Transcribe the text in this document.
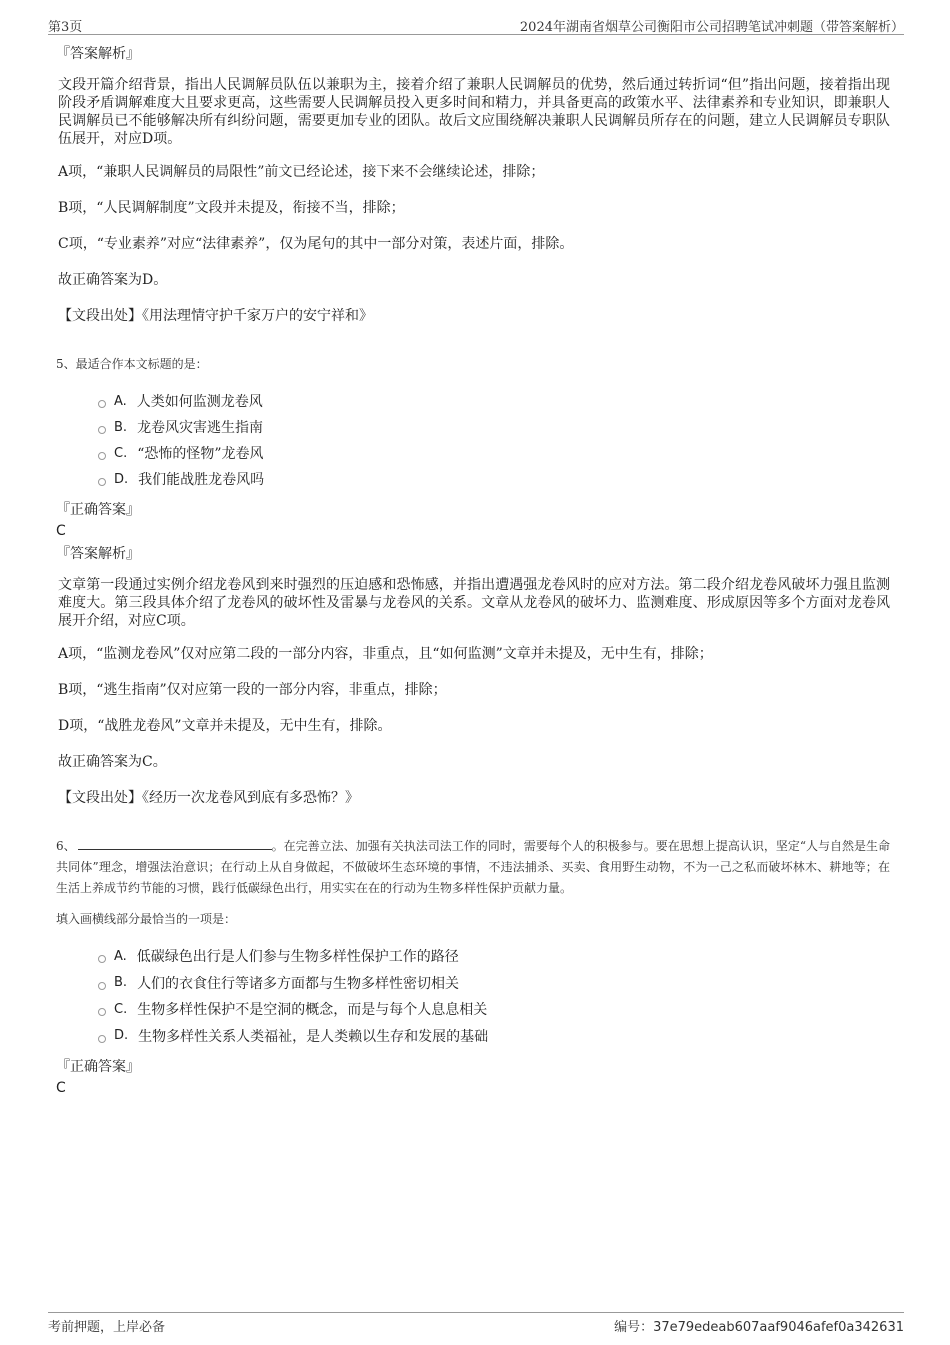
第3页	2024年湖南省烟草公司衡阳市公司招聘笔试冲刺题（带答案解析）
『答案解析』

文段开篇介绍背景，指出人民调解员队伍以兼职为主，接着介绍了兼职人民调解员的优势，然后通过转折词“但”指出问题，接着指出现阶段矛盾调解难度大且要求更高，这些需要人民调解员投入更多时间和精力，并具备更高的政策水平、法律素养和专业知识，即兼职人民调解员已不能够解决所有纠纷问题，需要更加专业的团队。故后文应围绕解决兼职人民调解员所存在的问题，建立人民调解员专职队伍展开，对应D项。

A项，“兼职人民调解员的局限性”前文已经论述，接下来不会继续论述，排除；
B项，“人民调解制度”文段并未提及，衔接不当，排除；
C项，“专业素养”对应“法律素养”，仅为尾句的其中一部分对策，表述片面，排除。
故正确答案为D。
【文段出处】《用法理情守护千家万户的安宁祥和》
5、最适合作本文标题的是：
A. 人类如何监测龙卷风
B. 龙卷风灾害逃生指南
C. “恐怖的怪物”龙卷风
D. 我们能战胜龙卷风吗
『正确答案』
C
『答案解析』

文章第一段通过实例介绍龙卷风到来时强烈的压迫感和恐怖感，并指出遭遇强龙卷风时的应对方法。第二段介绍龙卷风破坏力强且监测难度大。第三段具体介绍了龙卷风的破坏性及雷暴与龙卷风的关系。文章从龙卷风的破坏力、监测难度、形成原因等多个方面对龙卷风展开介绍，对应C项。

A项，“监测龙卷风”仅对应第二段的一部分内容，非重点，且“如何监测”文章并未提及，无中生有，排除；
B项，“逃生指南”仅对应第一段的一部分内容，非重点，排除；
D项，“战胜龙卷风”文章并未提及，无中生有，排除。
故正确答案为C。
【文段出处】《经历一次龙卷风到底有多恐怖？》

6、	。在完善立法、加强有关执法司法工作的同时，需要每个人的积极参与。要在思想上提高认识，坚定“人与自然是生命共同体”理念，增强法治意识；在行动上从自身做起，不做破坏生态环境的事情，不违法捕杀、买卖、食用野生动物，不为一己之私而破坏林木、耕地等；在生活上养成节约节能的习惯，践行低碳绿色出行，用实实在在的行动为生物多样性保护贡献力量。

填入画横线部分最恰当的一项是：
A. 低碳绿色出行是人们参与生物多样性保护工作的路径
B. 人们的衣食住行等诸多方面都与生物多样性密切相关
C. 生物多样性保护不是空洞的概念，而是与每个人息息相关
D. 生物多样性关系人类福祉，是人类赖以生存和发展的基础
『正确答案』
C
考前押题，上岸必备	编号：37e79edeab607aaf9046afef0a342631
